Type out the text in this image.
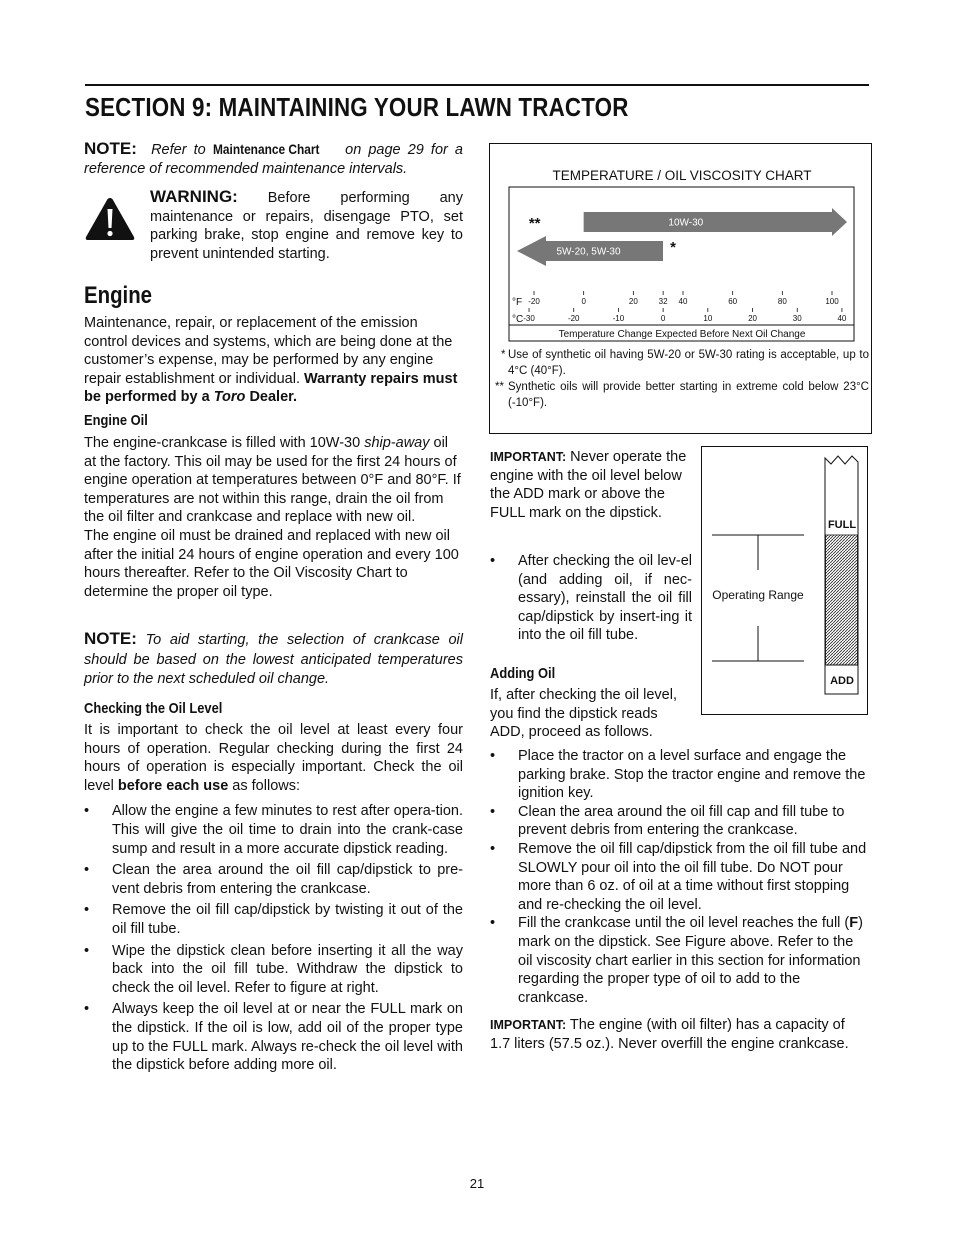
SECTION 9: MAINTAINING YOUR LAWN TRACTOR
NOTE: Refer to Maintenance Chart on page 29 for a reference of recommended maintenance intervals.
WARNING: Before performing any maintenance or repairs, disengage PTO, set parking brake, stop engine and remove key to prevent unintended starting.
Engine
Maintenance, repair, or replacement of the emission control devices and systems, which are being done at the customer’s expense, may be performed by any engine repair establishment or individual. Warranty repairs must be performed by a Toro Dealer.
Engine Oil

The engine-crankcase is filled with 10W-30 ship-away oil at the factory. This oil may be used for the first 24 hours of engine operation at temperatures between 0°F and 80°F. If temperatures are not within this range, drain the oil from the oil filter and crankcase and replace with new oil.

The engine oil must be drained and replaced with new oil after the initial 24 hours of engine operation and every 100 hours thereafter. Refer to the Oil Viscosity Chart to determine the proper oil type.

NOTE: To aid starting, the selection of crankcase oil should be based on the lowest anticipated temperatures prior to the next scheduled oil change.
Checking the Oil Level

It is important to check the oil level at least every four hours of operation. Regular checking during the first 24 hours of operation is especially important. Check the oil level before each use as follows:

• Allow the engine a few minutes to rest after opera-tion. This will give the oil time to drain into the crank-case sump and result in a more accurate dipstick reading.
• Clean the area around the oil fill cap/dipstick to pre-vent debris from entering the crankcase.
• Remove the oil fill cap/dipstick by twisting it out of the oil fill tube.
• Wipe the dipstick clean before inserting it all the way back into the oil fill tube. Withdraw the dipstick to check the oil level. Refer to figure at right.
• Always keep the oil level at or near the FULL mark on the dipstick. If the oil is low, add oil of the proper type up to the FULL mark. Always re-check the oil level with the dipstick before adding more oil.
TEMPERATURE / OIL VISCOSITY CHART
°F
°C
-20	0	20	32 40	60	80	100
-30	-20	-10	0	10	20	30	40
10W-30
5W-20, 5W-30
**
*
Temperature Change Expected Before Next Oil Change
* Use of synthetic oil having 5W-20 or 5W-30 rating is acceptable, up to 4°C (40°F).
** Synthetic oils will provide better starting in extreme cold below 23°C (-10°F).
IMPORTANT: Never operate the engine with the oil level below the ADD mark or above the FULL mark on the dipstick.
• After checking the oil lev-el (and adding oil, if nec-essary), reinstall the oil fill cap/dipstick by insert-ing it into the oil fill tube.
FULL
ADD
Operating Range
Adding Oil
If, after checking the oil level, you find the dipstick reads ADD, proceed as follows.
• Place the tractor on a level surface and engage the parking brake. Stop the tractor engine and remove the ignition key.
• Clean the area around the oil fill cap and fill tube to prevent debris from entering the crankcase.
• Remove the oil fill cap/dipstick from the oil fill tube and SLOWLY pour oil into the oil fill tube. Do NOT pour more than 6 oz. of oil at a time without first stopping and re-checking the oil level.
• Fill the crankcase until the oil level reaches the full (F) mark on the dipstick. See Figure above. Refer to the oil viscosity chart earlier in this section for information regarding the proper type of oil to add to the crankcase.
IMPORTANT: The engine (with oil filter) has a capacity of 1.7 liters (57.5 oz.). Never overfill the engine crankcase.
21
